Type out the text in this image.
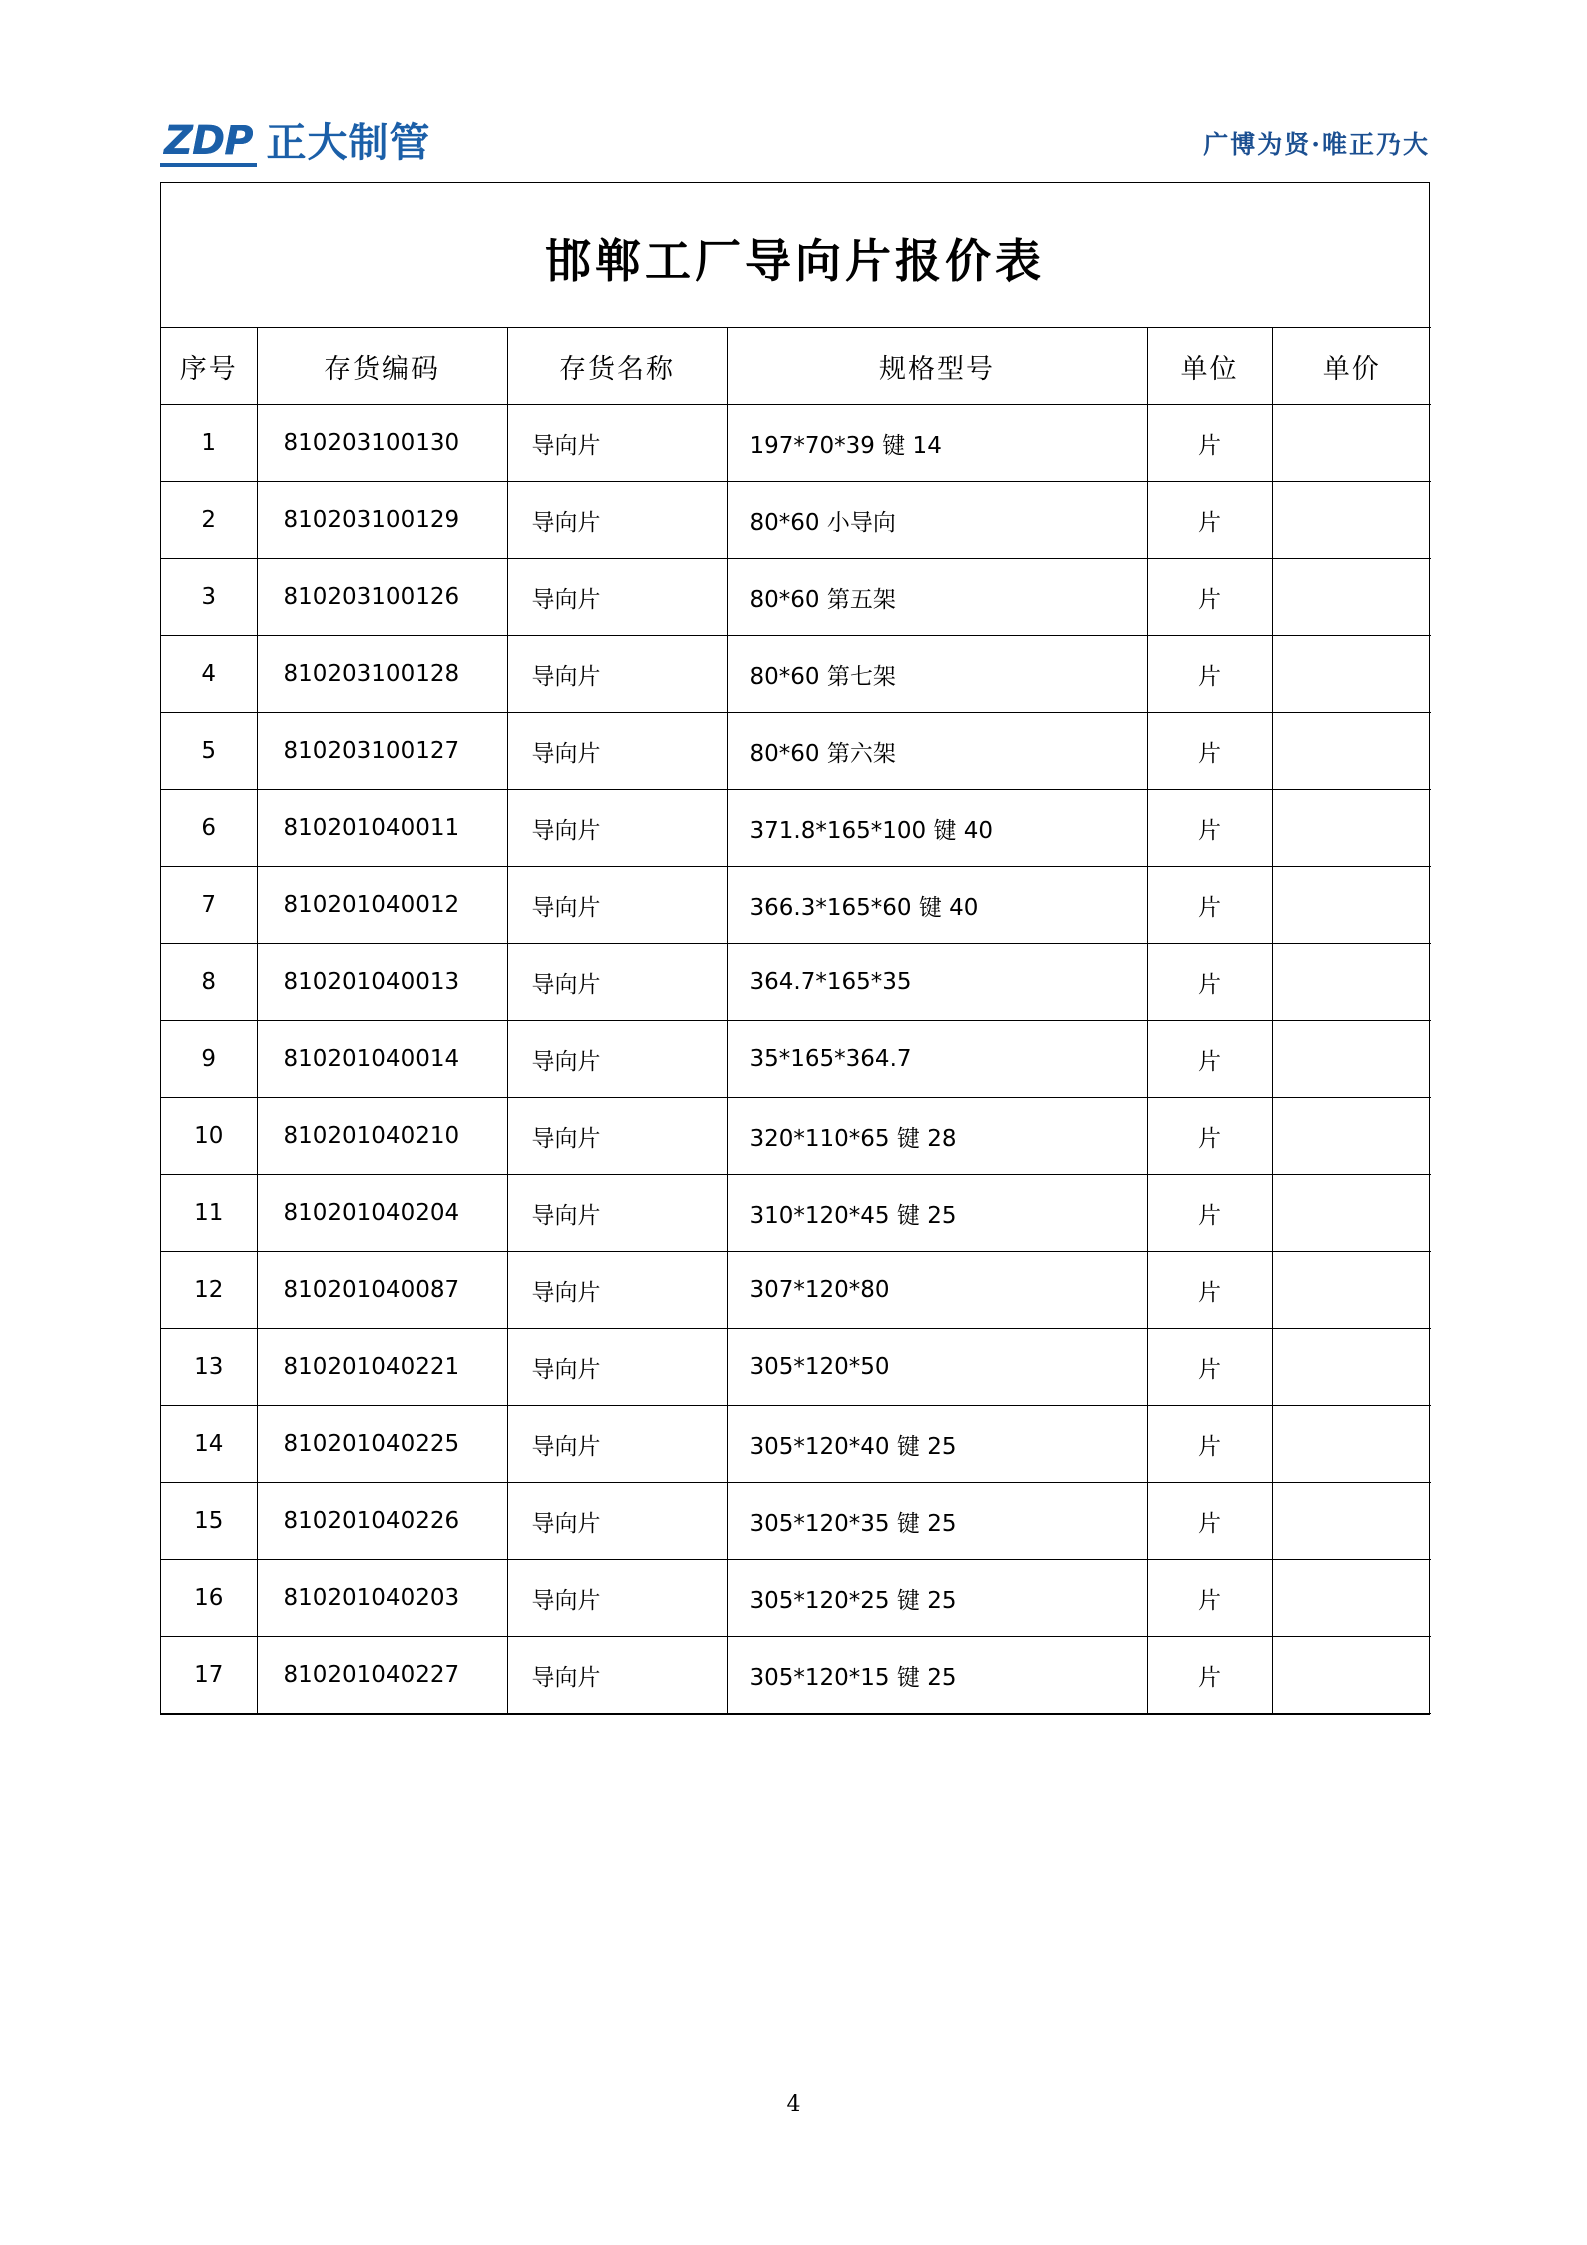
ZDP 正大制管	广博为贤·唯正乃大
邯郸工厂导向片报价表
序号	存货编码	存货名称	规格型号	单位	单价
1	810203100130	导向片	197*70*39 键 14	片	
2	810203100129	导向片	80*60 小导向	片	
3	810203100126	导向片	80*60 第五架	片	
4	810203100128	导向片	80*60 第七架	片	
5	810203100127	导向片	80*60 第六架	片	
6	810201040011	导向片	371.8*165*100 键 40	片	
7	810201040012	导向片	366.3*165*60 键 40	片	
8	810201040013	导向片	364.7*165*35	片	
9	810201040014	导向片	35*165*364.7	片	
10	810201040210	导向片	320*110*65 键 28	片	
11	810201040204	导向片	310*120*45 键 25	片	
12	810201040087	导向片	307*120*80	片	
13	810201040221	导向片	305*120*50	片	
14	810201040225	导向片	305*120*40 键 25	片	
15	810201040226	导向片	305*120*35 键 25	片	
16	810201040203	导向片	305*120*25 键 25	片	
17	810201040227	导向片	305*120*15 键 25	片	
4
